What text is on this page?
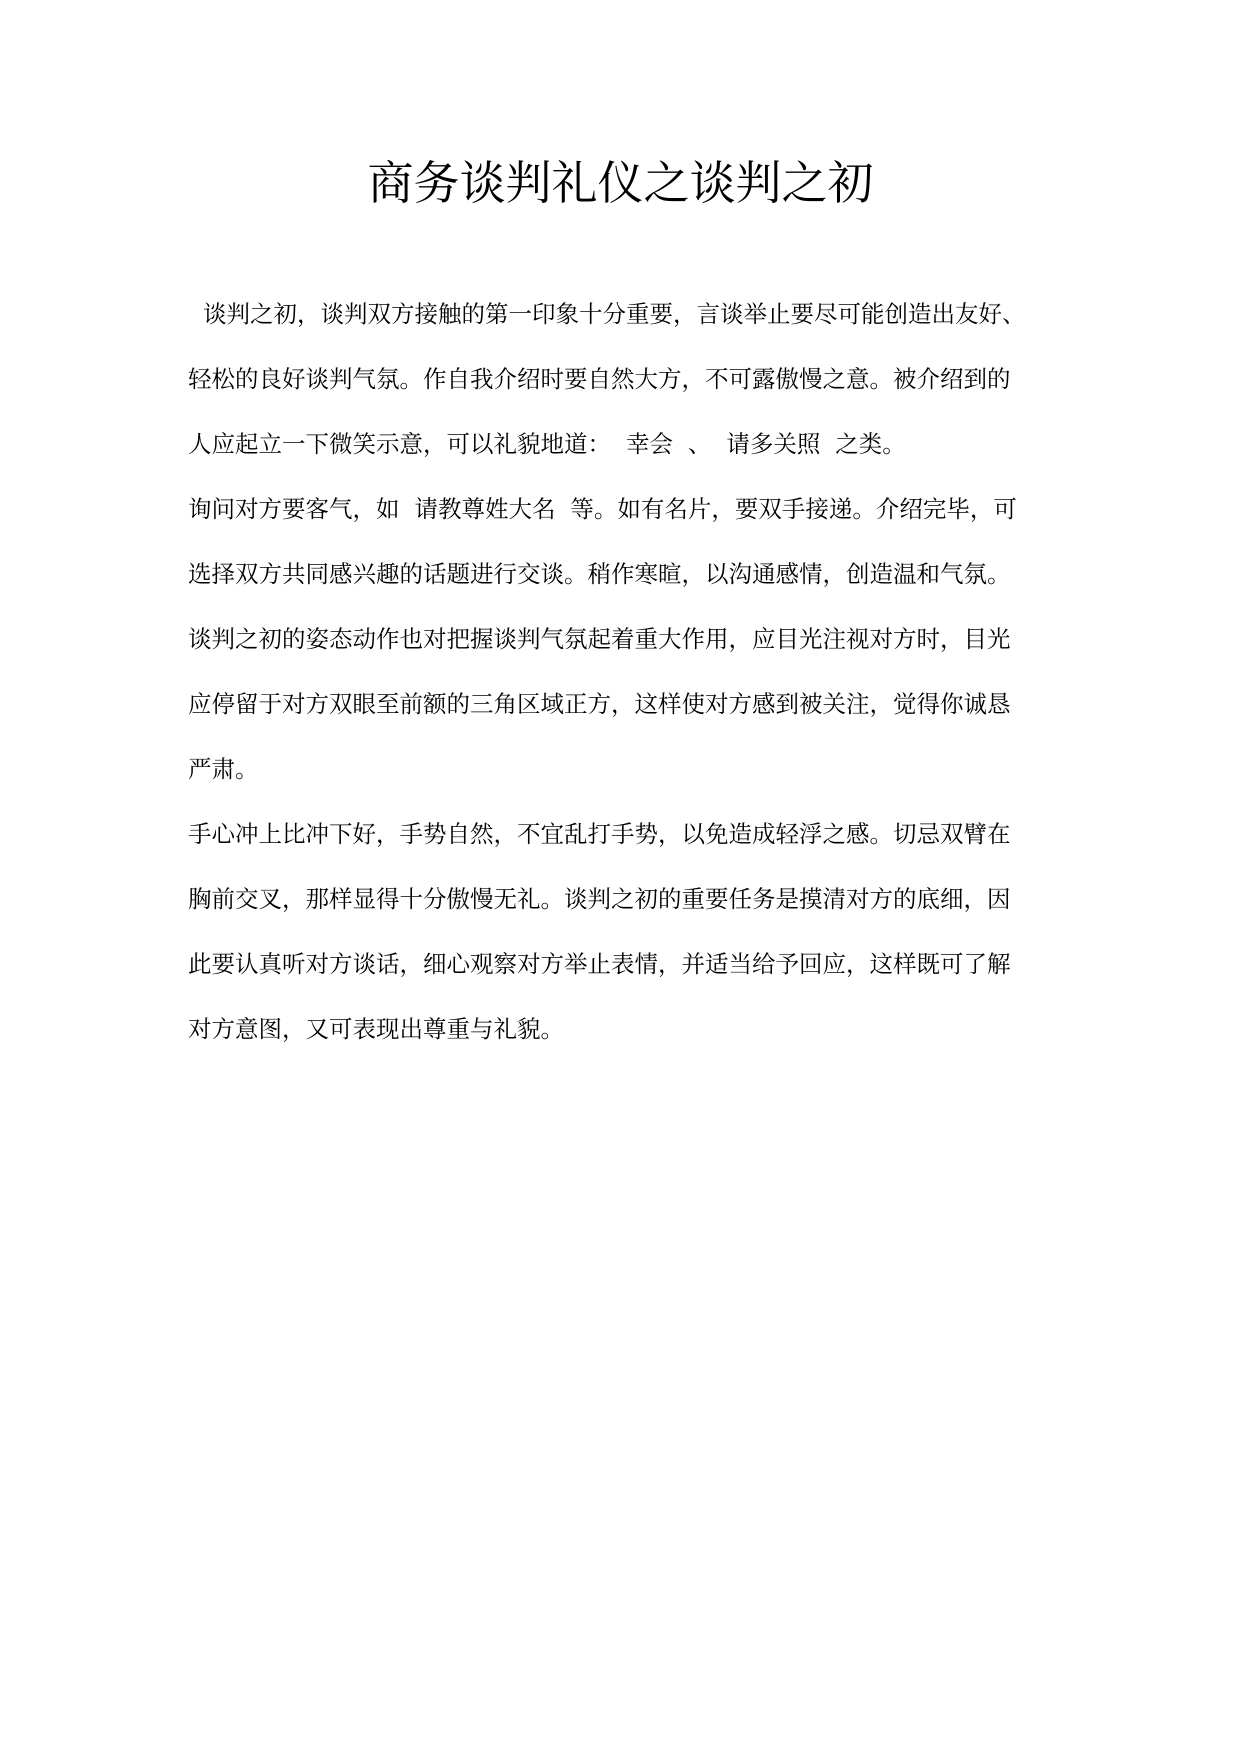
商务谈判礼仪之谈判之初

谈判之初，谈判双方接触的第一印象十分重要，言谈举止要尽可能创造出友好、

轻松的良好谈判气氛。作自我介绍时要自然大方，不可露傲慢之意。被介绍到的

人应起立一下微笑示意，可以礼貌地道：  幸会  、  请多关照  之类。

询问对方要客气，如  请教尊姓大名  等。如有名片，要双手接递。介绍完毕，可

选择双方共同感兴趣的话题进行交谈。稍作寒暄，以沟通感情，创造温和气氛。

谈判之初的姿态动作也对把握谈判气氛起着重大作用，应目光注视对方时，目光

应停留于对方双眼至前额的三角区域正方，这样使对方感到被关注，觉得你诚恳

严肃。

手心冲上比冲下好，手势自然，不宜乱打手势，以免造成轻浮之感。切忌双臂在

胸前交叉，那样显得十分傲慢无礼。谈判之初的重要任务是摸清对方的底细，因

此要认真听对方谈话，细心观察对方举止表情，并适当给予回应，这样既可了解

对方意图，又可表现出尊重与礼貌。
